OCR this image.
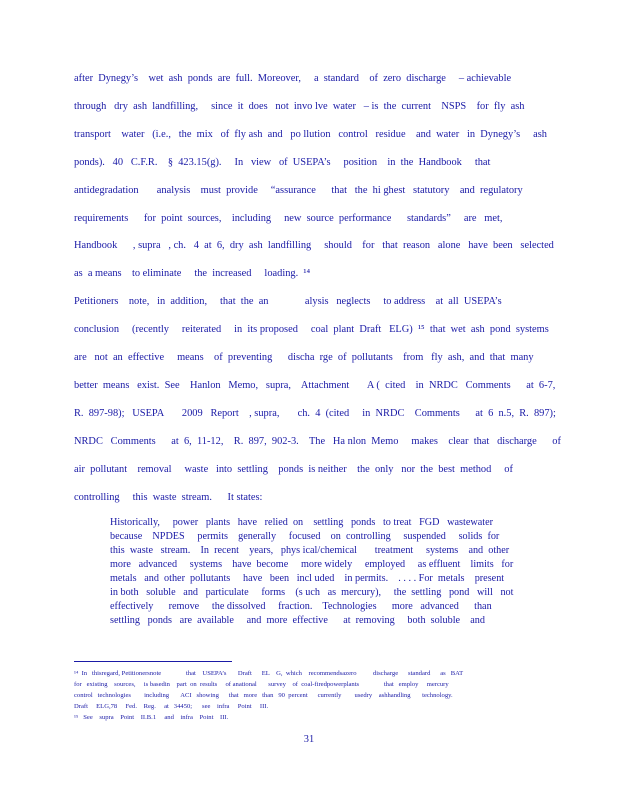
after  Dynegy’s    wet  ash  ponds  are  full.  Moreover,     a  standard    of  zero  discharge     – achievable
through   dry  ash  landfilling,     since  it  does   not  invo lve  water   – is  the  current    NSPS    for  fly  ash
transport    water   (i.e.,   the  mix   of  fly ash  and   po llution   control   residue    and  water   in  Dynegy’s     ash
ponds).   40   C.F.R.    §  423.15(g).     In   view   of  USEPA’s     position    in  the  Handbook     that
antidegradation       analysis    must  provide     “assurance      that   the  hi ghest   statutory    and  regulatory
requirements      for  point  sources,    including     new  source  performance      standards”     are   met,
Handbook      , supra   , ch.   4  at  6,  dry  ash  landfilling     should    for   that  reason   alone   have  been   selected
as  a means    to eliminate     the  increased     loading.  ¹⁴
Petitioners    note,   in  addition,     that  the  an              alysis   neglects     to address    at  all  USEPA’s
conclusion     (recently     reiterated     in  its proposed     coal  plant  Draft   ELG)  ¹⁵  that  wet  ash  pond  systems
are   not  an  effective     means    of  preventing      discha  rge  of  pollutants    from   fly  ash,  and  that  many
better  means   exist.  See    Hanlon   Memo,   supra,    Attachment       A (  cited    in  NRDC   Comments      at  6-7,
R.  897-98);   USEPA       2009   Report    , supra,       ch.  4  (cited     in  NRDC    Comments      at  6  n.5,  R.  897);
NRDC   Comments      at  6,  11-12,    R.  897,  902-3.    The   Ha nlon  Memo     makes    clear  that   discharge      of
air  pollutant    removal     waste   into  settling    ponds  is neither    the  only   nor  the  best  method     of
controlling     this  waste  stream.      It states:
Historically,     power   plants   have   relied  on    settling   ponds   to treat   FGD   wastewater
because    NPDES     permits    generally     focused    on  controlling     suspended     solids  for
this  waste   stream.    In  recent    years,   phys ical/chemical       treatment     systems    and  other
more   advanced     systems    have  become     more widely     employed     as effluent    limits   for
metals   and  other  pollutants     have   been   incl uded    in permits.    . . . . For  metals    present
in both   soluble   and   particulate     forms    (s uch   as  mercury),     the  settling   pond   will   not
effectively      remove     the dissolved     fraction.    Technologies      more   advanced      than
settling   ponds   are  available     and  more  effective      at  removing     both  soluble    and
¹⁴  In   thisregard, Petitionersnote               that    USEPA’s       Draft      EL    G,  which    recommendsazero          discharge      standard      as   BAT
for   existing    sources,     is basedin    part  on  results     of anational       survey    of  coal-firedpowerplants               that   employ     mercury
control   technologies        including       ACI   showing      that   more   than   90  percent      currently        usedry    ashhandling       technology.
Draft     ELG,78     Fed.    Reg.     at   34450;      see    infra     Point     III.
¹⁵   See    supra    Point    II.B.1     and    infra    Point    III.
31
